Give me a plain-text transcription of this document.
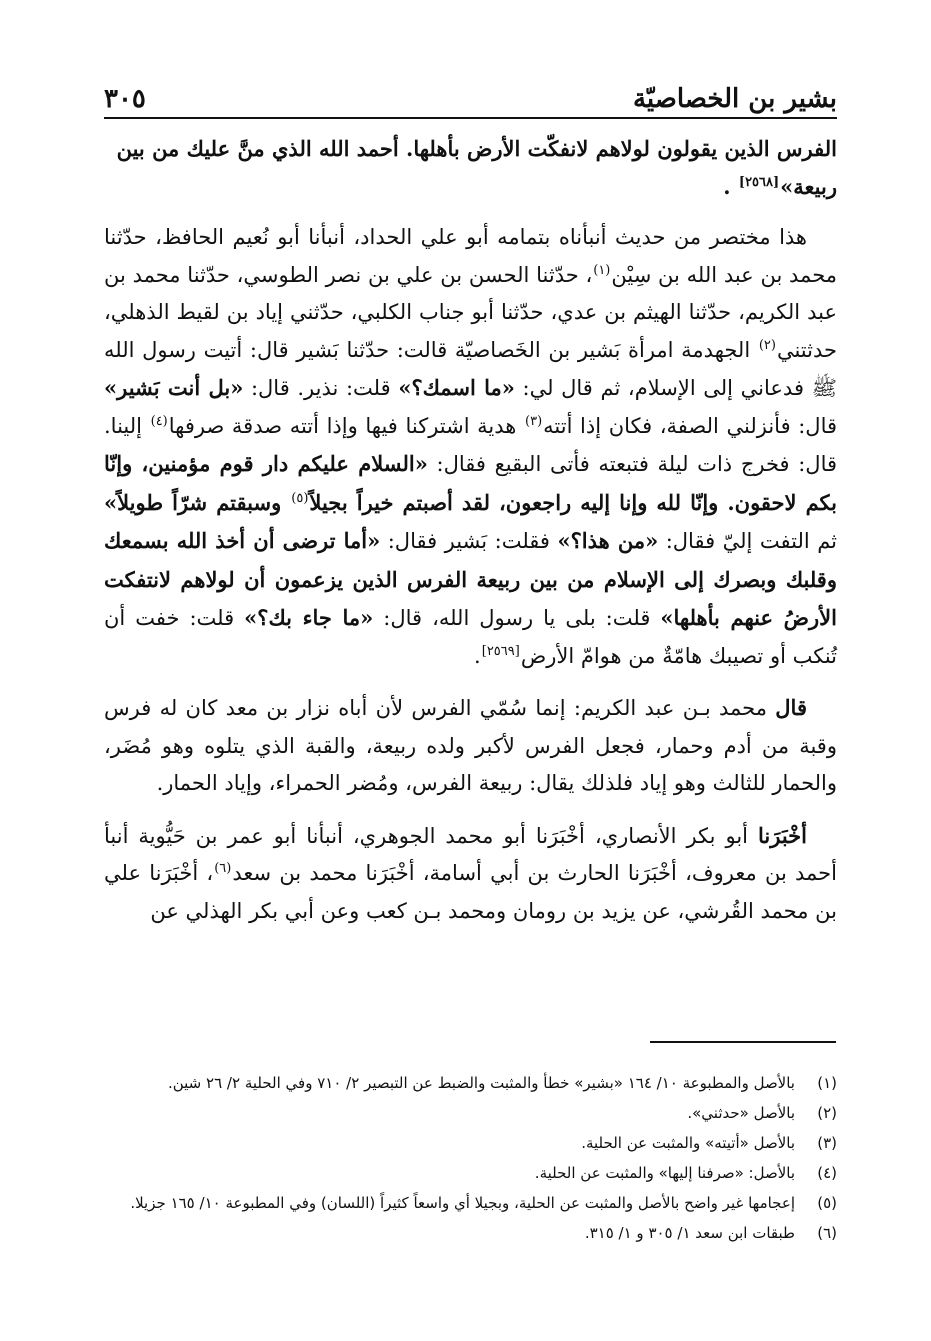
بشير بن الخصاصيّة
٣٠٥

الفرس الذين يقولون لولاهم لانفكّت الأرض بأهلها. أحمد الله الذي منَّ عليك من بين
ربيعة»[٢٥٦٨] .

هذا مختصر من حديث أنبأناه بتمامه أبو علي الحداد، أنبأنا أبو نُعيم الحافظ، حدّثنا محمد بن عبد الله بن سِيْن$^{(١)}$، حدّثنا الحسن بن علي بن نصر الطوسي، حدّثنا محمد بن عبد الكريم، حدّثنا الهيثم بن عدي، حدّثنا أبو جناب الكلبي، حدّثني إياد بن لقيط الذهلي، حدثتني$^{(٢)}$ الجهدمة امرأة بَشير بن الخَصاصيّة قالت: حدّثنا بَشير قال: أتيت رسول الله ﷺ فدعاني إلى الإسلام، ثم قال لي: «ما اسمك؟» قلت: نذير. قال: «بل أنت بَشير» قال: فأنزلني الصفة، فكان إذا أتته$^{(٣)}$ هدية اشتركنا فيها وإذا أتته صدقة صرفها$^{(٤)}$ إلينا. قال: فخرج ذات ليلة فتبعته فأتى البقيع فقال: «السلام عليكم دار قوم مؤمنين، وإنّا بكم لاحقون. وإنّا لله وإنا إليه راجعون، لقد أصبتم خيراً بجيلاً$^{(٥)}$ وسبقتم شرّاً طويلاً» ثم التفت إليّ فقال: «من هذا؟» فقلت: بَشير فقال: «أما ترضى أن أخذ الله بسمعك وقلبك وبصرك إلى الإسلام من بين ربيعة الفرس الذين يزعمون أن لولاهم لانتفكت الأرضُ عنهم بأهلها» قلت: بلى يا رسول الله، قال: «ما جاء بك؟» قلت: خفت أن تُنكب أو تصيبك هامّةٌ من هوامّ الأرض[٢٥٦٩].

قال محمد بـن عبد الكريم: إنما سُمّي الفرس لأن أباه نزار بن معد كان له فرس وقبة من أدم وحمار، فجعل الفرس لأكبر ولده ربيعة، والقبة الذي يتلوه وهو مُضَر، والحمار للثالث وهو إياد فلذلك يقال: ربيعة الفرس، ومُضر الحمراء، وإياد الحمار.

أخْبَرَنا أبو بكر الأنصاري، أخْبَرَنا أبو محمد الجوهري، أنبأنا أبو عمر بن حَيُّوية أنبأ أحمد بن معروف، أخْبَرَنا الحارث بن أبي أسامة، أخْبَرَنا محمد بن سعد$^{(٦)}$، أخْبَرَنا علي بن محمد القُرشي، عن يزيد بن رومان ومحمد بـن كعب وعن أبي بكر الهذلي عن

(١)
بالأصل والمطبوعة ١٠/ ١٦٤ «بشير» خطأ والمثبت والضبط عن التبصير ٢/ ٧١٠ وفي الحلية ٢/ ٢٦ شين.
(٢)
بالأصل «حدثني».
(٣)
بالأصل «أتيته» والمثبت عن الحلية.
(٤)
بالأصل: «صرفنا إليها» والمثبت عن الحلية.
(٥)
إعجامها غير واضح بالأصل والمثبت عن الحلية، وبجيلا أي واسعاً كثيراً (اللسان) وفي المطبوعة ١٠/ ١٦٥ جزيلا.
(٦)
طبقات ابن سعد ١/ ٣٠٥ و ١/ ٣١٥.
